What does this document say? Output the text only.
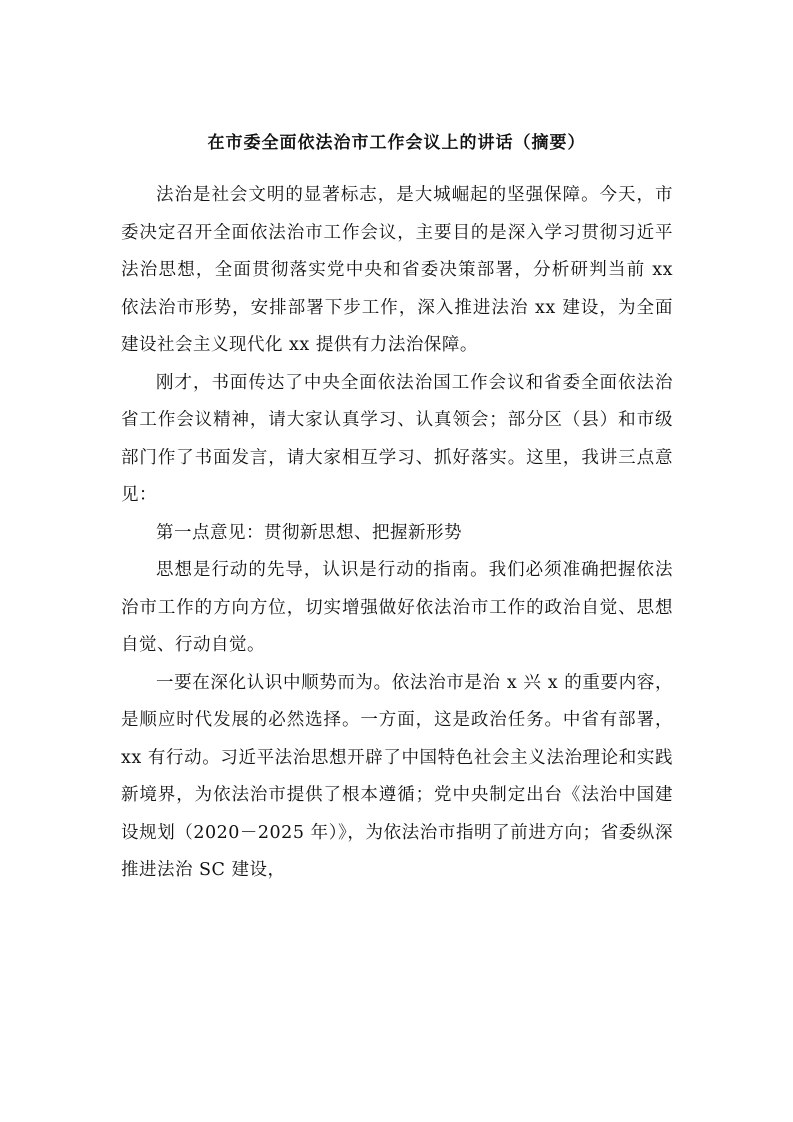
在市委全面依法治市工作会议上的讲话（摘要）

法治是社会文明的显著标志，是大城崛起的坚强保障。今天，市委决定召开全面依法治市工作会议，主要目的是深入学习贯彻习近平法治思想，全面贯彻落实党中央和省委决策部署，分析研判当前 xx 依法治市形势，安排部署下步工作，深入推进法治 xx 建设，为全面建设社会主义现代化 xx 提供有力法治保障。

刚才，书面传达了中央全面依法治国工作会议和省委全面依法治省工作会议精神，请大家认真学习、认真领会；部分区（县）和市级部门作了书面发言，请大家相互学习、抓好落实。这里，我讲三点意见：

第一点意见：贯彻新思想、把握新形势

思想是行动的先导，认识是行动的指南。我们必须准确把握依法治市工作的方向方位，切实增强做好依法治市工作的政治自觉、思想自觉、行动自觉。

一要在深化认识中顺势而为。依法治市是治 x 兴 x 的重要内容，是顺应时代发展的必然选择。一方面，这是政治任务。中省有部署，xx 有行动。习近平法治思想开辟了中国特色社会主义法治理论和实践新境界，为依法治市提供了根本遵循；党中央制定出台《法治中国建设规划（2020－2025 年）》，为依法治市指明了前进方向；省委纵深推进法治 SC 建设，
